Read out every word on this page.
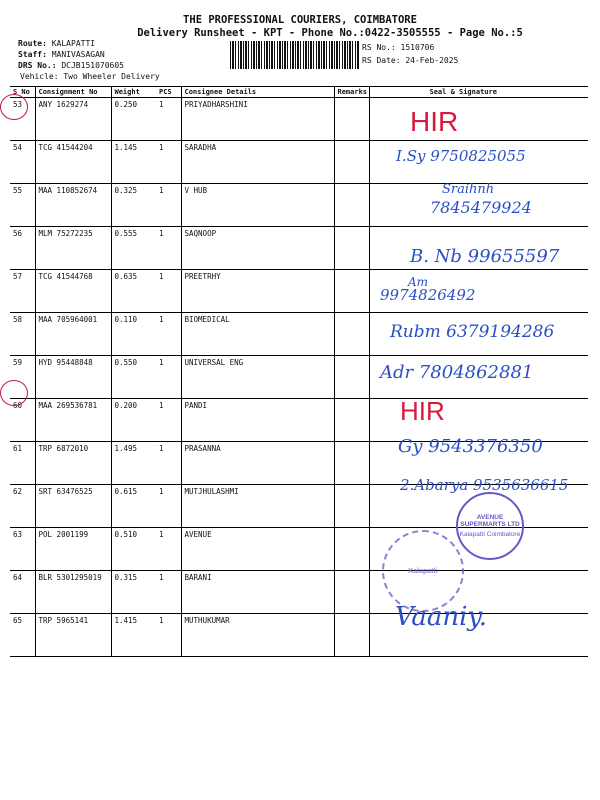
THE PROFESSIONAL COURIERS, COIMBATORE
Delivery Runsheet - KPT - Phone No.:0422-3505555 - Page No.:5
Route: KALAPATTI
Staff: MANIVASAGAN
DRS No.: DCJB151070605
Vehicle: Two Wheeler Delivery
RS No.: 1510706
RS Date: 24-Feb-2025
S No	Consignment No	Weight	PCS	Consignee Details	Remarks	Seal & Signature
53	ANY 1629274	0.250	1	PRIYADHARSHINI		
54	TCG 41544204	1.145	1	SARADHA		
55	MAA 110852674	0.325	1	V HUB		
56	MLM 75272235	0.555	1	SAQNOOP		
57	TCG 41544768	0.635	1	PREETRHY		
58	MAA 705964001	0.110	1	BIOMEDICAL		
59	HYD 95448848	0.550	1	UNIVERSAL ENG		
60	MAA 269536781	0.200	1	PANDI		
61	TRP 6872010	1.495	1	PRASANNA		
62	SRT 63476525	0.615	1	MUTJHULASHMI		
63	POL 2001199	0.510	1	AVENUE		
64	BLR 5301295019	0.315	1	BARANI		
65	TRP 5965141	1.415	1	MUTHUKUMAR		
HIR
I.Sy 9750825055
Sraihnh
7845479924
B. Nb 99655597
Am
9974826492
Rubm 6379194286
Adr 7804862881
HIR
Gy 9543376350
2.Abarya 9535636615
Vaaniy.
AVENUE SUPERMARTS LTD
Kalapatti Coimbatore
Kalapatti
